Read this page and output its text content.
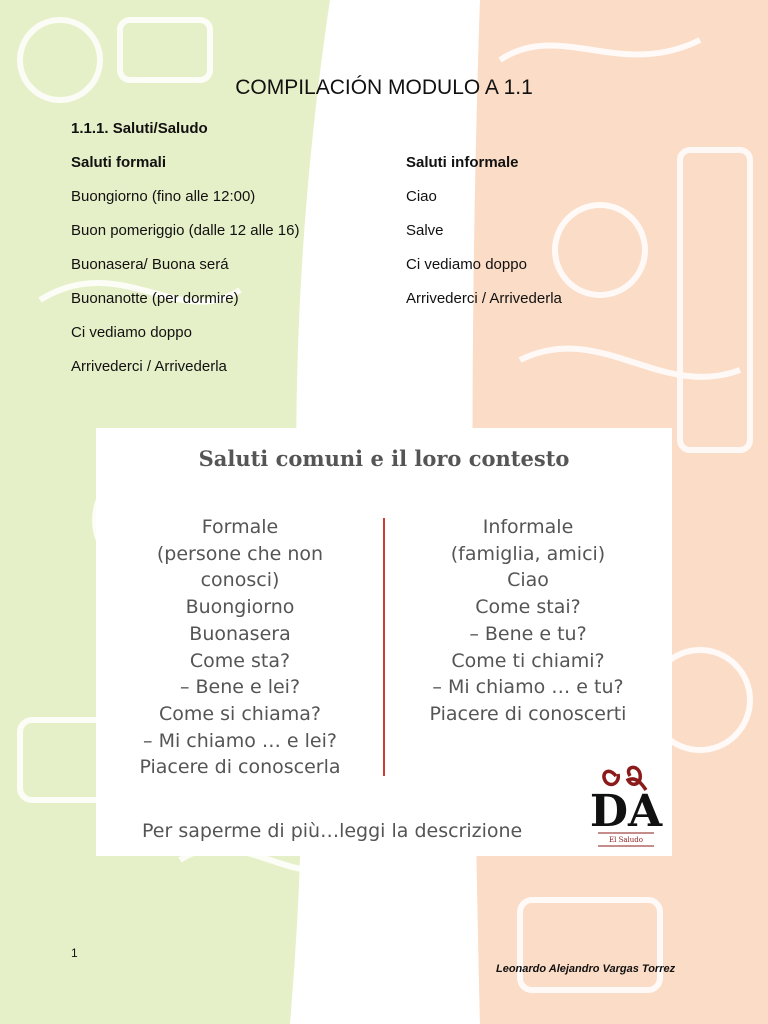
COMPILACIÓN MODULO A 1.1
1.1.1. Saluti/Saludo
Saluti formali
Buongiorno (fino alle 12:00)
Buon pomeriggio (dalle 12 alle 16)
Buonasera/ Buona será
Buonanotte (per dormire)
Ci vediamo doppo
Arrivederci / Arrivederla
Saluti informale
Ciao
Salve
Ci vediamo doppo
Arrivederci / Arrivederla
Saluti comuni e il loro contesto
Formale
(persone che non
conosci)
Buongiorno
Buonasera
Come sta?
– Bene e lei?
Come si chiama?
– Mi chiamo … e lei?
Piacere di conoscerla
Informale
(famiglia, amici)
Ciao
Come stai?
– Bene e tu?
Come ti chiami?
– Mi chiamo … e tu?
Piacere di conoscerti
Per saperme di più…leggi la descrizione DA
El Saludo
1
Leonardo Alejandro Vargas Torrez
